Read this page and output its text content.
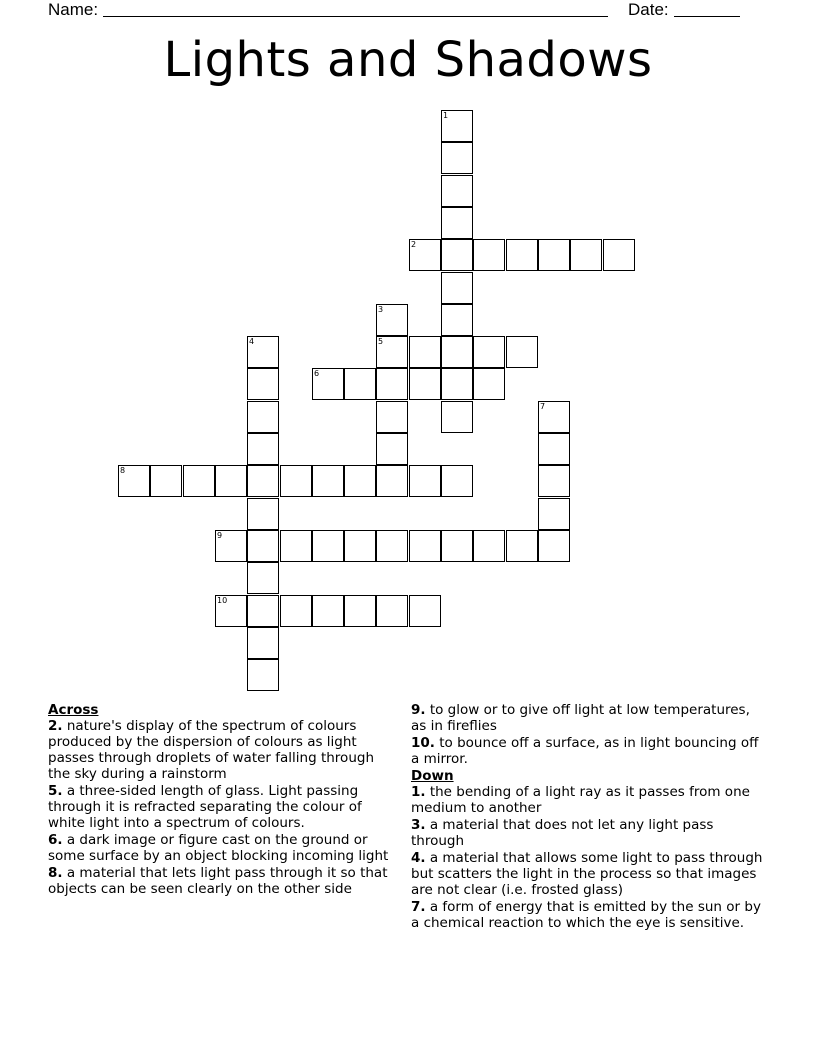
Name:	Date:
Lights and Shadows
1
2
3
5
4
6
7
8
9
10

Across

2. nature's display of the spectrum of colours produced by the dispersion of colours as light passes through droplets of water falling through the sky during a rainstorm

5. a three-sided length of glass. Light passing through it is refracted separating the colour of white light into a spectrum of colours.

6. a dark image or figure cast on the ground or some surface by an object blocking incoming light

8. a material that lets light pass through it so that objects can be seen clearly on the other side

9. to glow or to give off light at low temperatures, as in fireflies

10. to bounce off a surface, as in light bouncing off a mirror.

Down

1. the bending of a light ray as it passes from one medium to another

3. a material that does not let any light pass through

4. a material that allows some light to pass through but scatters the light in the process so that images are not clear (i.e. frosted glass)

7. a form of energy that is emitted by the sun or by a chemical reaction to which the eye is sensitive.
